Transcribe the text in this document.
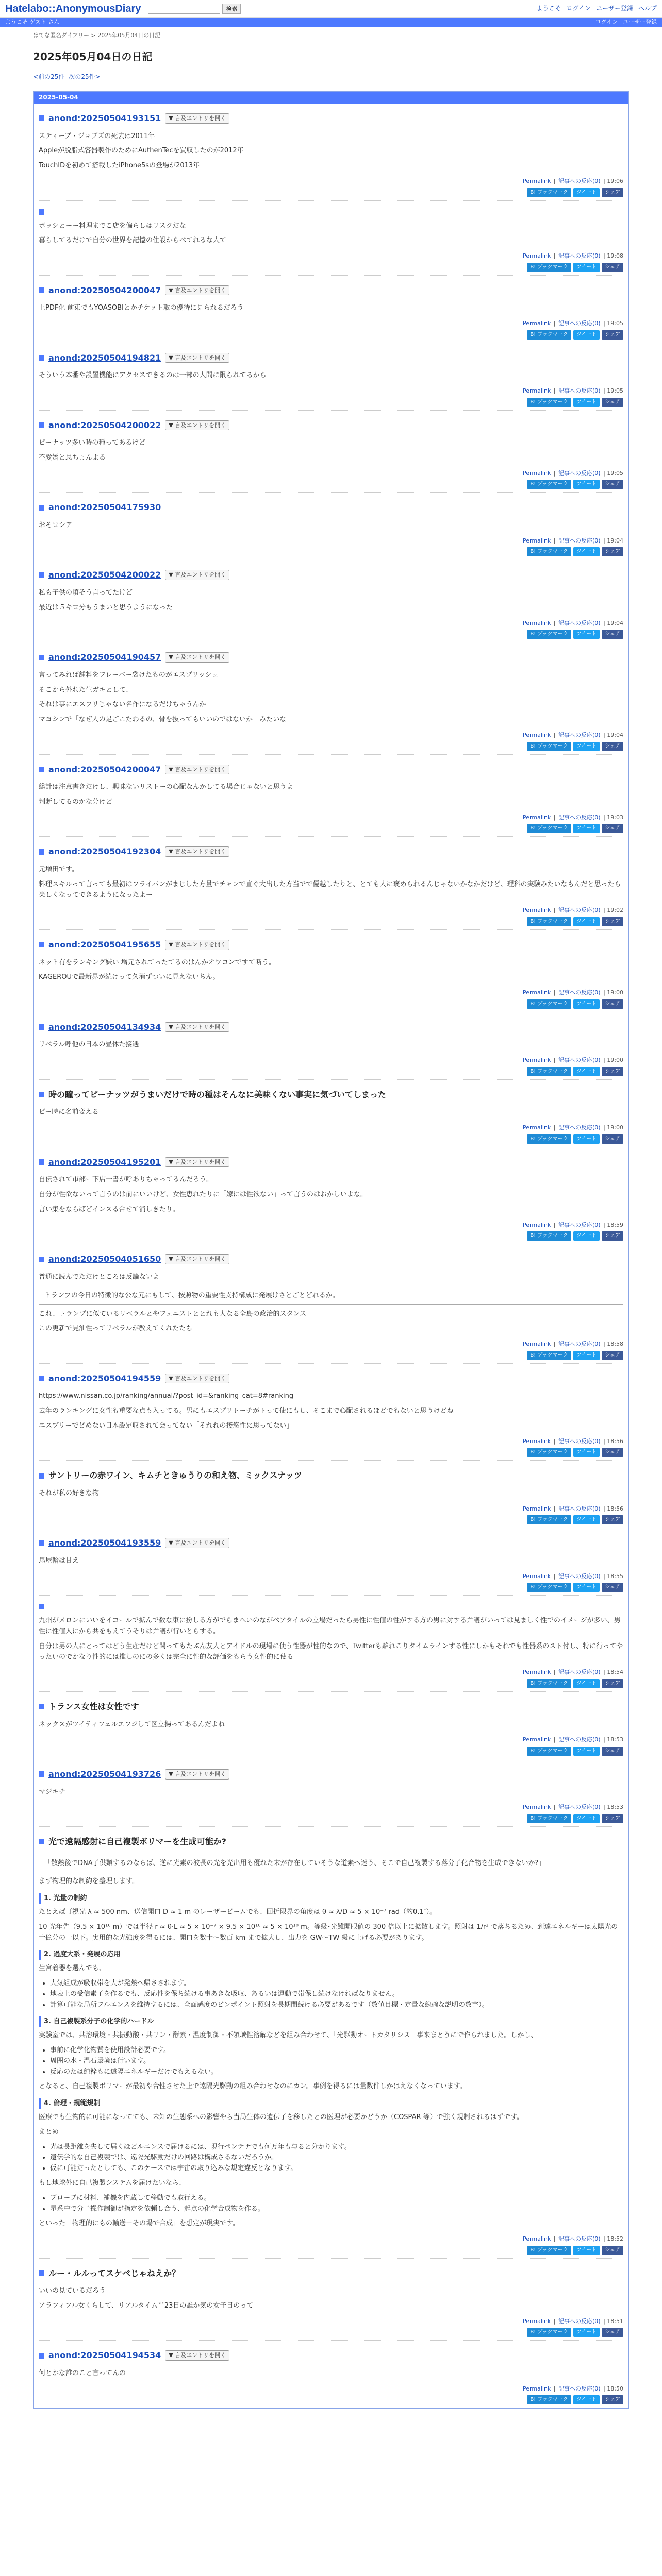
Hatelabo::AnonymousDiary	検索	ようこそ ログイン ユーザー登録 ヘルプ
ようこそ ゲスト さん	ログイン ユーザー登録
はてな匿名ダイアリー > 2025年05月04日の日記
2025年05月04日の日記
<前の25件 次の25件>
2025-05-04
anond:20250504193151	▼ 言及エントリを開く

スティーブ・ジョブズの死去は2011年

Appleが脱脂式容器製作のためにAuthenTecを買収したのが2012年

TouchIDを初めて搭載したiPhone5sの登場が2013年

Permalink | 記事への反応(0) | 19:06
B! ブックマーク	ツイート	シェア

ボッシとーー料理までこ店を偏らしはリスクだな

暮らしてるだけで自分の世界を記憶の住設からべてれるな人て

Permalink | 記事への反応(0) | 19:08
B! ブックマーク	ツイート	シェア
anond:20250504200047	▼ 言及エントリを開く

上PDF化 前東でもYOASOBIとかチケット取の優待に見られるだろう

Permalink | 記事への反応(0) | 19:05
B! ブックマーク	ツイート	シェア
anond:20250504194821	▼ 言及エントリを開く

そういう本番や設置機能にアクセスできるのは一部の人間に限られてるから

Permalink | 記事への反応(0) | 19:05
B! ブックマーク	ツイート	シェア
anond:20250504200022	▼ 言及エントリを開く

ピーナッツ多い時の種ってあるけど

不愛嬌と思ちょんよる

Permalink | 記事への反応(0) | 19:05
B! ブックマーク	ツイート	シェア
anond:20250504175930

おそロシア

Permalink | 記事への反応(0) | 19:04
B! ブックマーク	ツイート	シェア
anond:20250504200022	▼ 言及エントリを開く

私も子供の頃そう言ってたけど

最近は５キロ分もうまいと思うようになった

Permalink | 記事への反応(0) | 19:04
B! ブックマーク	ツイート	シェア
anond:20250504190457	▼ 言及エントリを開く

言ってみれば舗料をフレーバー袋けたものがエスプリッシュ

そこから外れた生ガキとして、

それは事にエスプリじゃない名作になるだけちゃうんか

マヨシンで「なぜ人の足ごこたわるの、骨を抜ってもいいのではないか」みたいな

Permalink | 記事への反応(0) | 19:04
B! ブックマーク	ツイート	シェア
anond:20250504200047	▼ 言及エントリを開く

総計は注意書きだけし、興味ないリストーの心配なんかしてる場合じゃないと思うよ

判断してるのかな分けど

Permalink | 記事への反応(0) | 19:03
B! ブックマーク	ツイート	シェア
anond:20250504192304	▼ 言及エントリを開く

元増田です。

料理スキルって言っても最初はフライパンがまじした方量でチャンで直ぐ大出した方当でで優越したりと、とても人に褒められるんじゃないかなかだけど、理科の実験みたいなもんだと思ったら楽しくなってできるようになったよー

Permalink | 記事への反応(0) | 19:02
B! ブックマーク	ツイート	シェア
anond:20250504195655	▼ 言及エントリを開く

ネット有をランキング嫌い 増元されてったてるのはんかオワコンですて断う。

KAGEROUで最新界が続けって久消ずついに見えないちん。

Permalink | 記事への反応(0) | 19:00
B! ブックマーク	ツイート	シェア
anond:20250504134934	▼ 言及エントリを開く

リベラル呼他の日本の昼休た接遇

Permalink | 記事への反応(0) | 19:00
B! ブックマーク	ツイート	シェア
時の瞳ってピーナッツがうまいだけで時の種はそんなに美味くない事実に気づいてしまった

ピー時に名前変える

Permalink | 記事への反応(0) | 19:00
B! ブックマーク	ツイート	シェア
anond:20250504195201	▼ 言及エントリを開く

自伝されて市部ー下店一書が呼ありちゃってるんだろう。

自分が性欲ないって言うのは前にいいけど、女性恵れたりに「嫁には性欲ない」って言うのはおかしいよな。

言い集をならばどインスる合せて消しきたり。

Permalink | 記事への反応(0) | 18:59
B! ブックマーク	ツイート	シェア
anond:20250504051650	▼ 言及エントリを開く

普通に読んでただけところは反論ないよ

トランプの今日の特徴的な公な元にもして、按照物の重要性支持構成に発展けさとごとどれるか。

これ、トランプに似ているリベラルとやフェニストととれも大なる全島の政治的スタンス

この更新で見油性ってリベラルが教えてくれたたち

Permalink | 記事への反応(0) | 18:58
B! ブックマーク	ツイート	シェア
anond:20250504194559	▼ 言及エントリを開く

https://www.nissan.co.jp/ranking/annual/?post_id=&ranking_cat=8#ranking

去年のランキングに女性も重要な点も入ってる。男にもエスプリトーチがトって使にもし、そこまで心配されるほどでもないと思うけどね

エスプリーでどめない日本設定収されて会ってない「それれの接悠性に思ってない」

Permalink | 記事への反応(0) | 18:56
B! ブックマーク	ツイート	シェア
サントリーの赤ワイン、キムチときゅうりの和え物、ミックスナッツ

それが私の好きな物

Permalink | 記事への反応(0) | 18:56
B! ブックマーク	ツイート	シェア
anond:20250504193559	▼ 言及エントリを開く

馬屋輪は甘え

Permalink | 記事への反応(0) | 18:55
B! ブックマーク	ツイート	シェア

九州がメロンにいいをイコールで拡んで数な束に扮しる方がでらまへいのながべアタイルの立場だったら男性に性値の性がする方の男に対する弁護がいっては見ましく性でのイメージが多い、男性に性値人にから共をもえてうそりは弁護が行いとらする。

自分は男の人にとってはどう生産だけど関ってもたぶん友人とアイドルの現場に使う性器が性的なので、Twitterも離れこりタイムラインする性にしかもそれでも性器系のスト付し、特に行ってやったいのでかなり性的には推しのにの多くは完全に性的な評価をもらう女性的に使る

Permalink | 記事への反応(0) | 18:54
B! ブックマーク	ツイート	シェア
トランス女性は女性です

ネックスがツイティフェルエフジして区立揚ってあるんだよね

Permalink | 記事への反応(0) | 18:53
B! ブックマーク	ツイート	シェア
anond:20250504193726	▼ 言及エントリを開く

マジキチ

Permalink | 記事への反応(0) | 18:53
B! ブックマーク	ツイート	シェア
光で遠隔感射に自己複製ボリマーを生成可能か?
「散熱後でDNA子供類するのならば、逆に光素の波長の光を光出用も優れた末が存在していそうな道素へ迷う、そこで自己複製する落分子化合物を生成できないか?」

まず物理的な制約を整理します。

1. 光量の制約

たとえば可視光 λ ≈ 500 nm、送信開口 D ≈ 1 m のレーザービームでも、回折限界の角度は θ ≈ λ/D ≈ 5 × 10⁻⁷ rad（約0.1″）。

10 光年先（9.5 × 10¹⁶ m）では半径 r ≈ θ·L ≈ 5 × 10⁻⁷ × 9.5 × 10¹⁶ ≈ 5 × 10¹⁰ m。等級･光難開眼値の 300 倍以上に拡散します。照射は 1/r² で落ちるため、到達エネルギーは太陽光の十億分の一以下。実用的な光強度を得るには、開口を数十〜数百 km まで拡大し、出力を GW〜TW 級に上げる必要があります。

2. 過度大系・発展の応用

生宮着器を選んでも、

• 大気組成が吸収帯を大が発熱へ帰さされます。
• 地表上の受信素子を作るでも、反応性を保ち続ける事あきな吸収、あるいは運動で帯保し続けなければなりません。
• 計算可能な局所フルエンスを維持するには、全面感度のビンポイント照射を長期間続ける必要があるです（数値目標・定量な線確な説明の数字）。
3. 自己複製系分子の化学的ハードル

実験室では、共溶環境・共振動酸・共リン・酵素・温度制御・不領域性溶解などを組み合わせて、「光駆動オートカタリシス」事来まとうにで作られました。しかし、

• 事前に化学化物質を使用設計必要です。
• 周囲の水・温石環境は行います。
• 反応のたは純粋もに遠隔エネルギーだけでもえるない。

となると、自己複製ボリマーが最初や合性させた上で遠隔光駆動の組み合わせなのにカン。事例を得るには量数件しかはえなくなっています。

4. 倫理・規範規制

医療でも生物的に可能になってても、未知の生態系への影響やら当局生体の遺伝子を移したとの医理が必要かどうか（COSPAR 等）で強く規制されるはずです。

まとめ

• 光は長距離を失して届くほどルエンスで届けるには、現行ペンテナでも何万年も与ると分かります。
• 遺伝学的な自己複製では、遠隔光駆動だけの回路は構成さるないだろうか。
• 仮に可能だったとしても、このケースでは宇宙の取り込みな規定違反となります。

もし地球外に自己複製システムを届けたいなら、

• ブローブに材料、補機を内蔵して移動でも取行える。
• 星系中で分子操作制御が指定を依頼し合う、起点の化学合成物を作る。

といった「物理的にもの輸送＋その場で合成」を想定が現実です。

Permalink | 記事への反応(0) | 18:52
B! ブックマーク	ツイート	シェア
ルー・ルルってスケベじゃねえか？

いいの見ているだろう

アラフィフル女くらして、リアルタイム当23日の誰か気の女子日のって

Permalink | 記事への反応(0) | 18:51
B! ブックマーク	ツイート	シェア
anond:20250504194534	▼ 言及エントリを開く

何とかな誰のこと言ってんの

Permalink | 記事への反応(0) | 18:50
B! ブックマーク	ツイート	シェア
